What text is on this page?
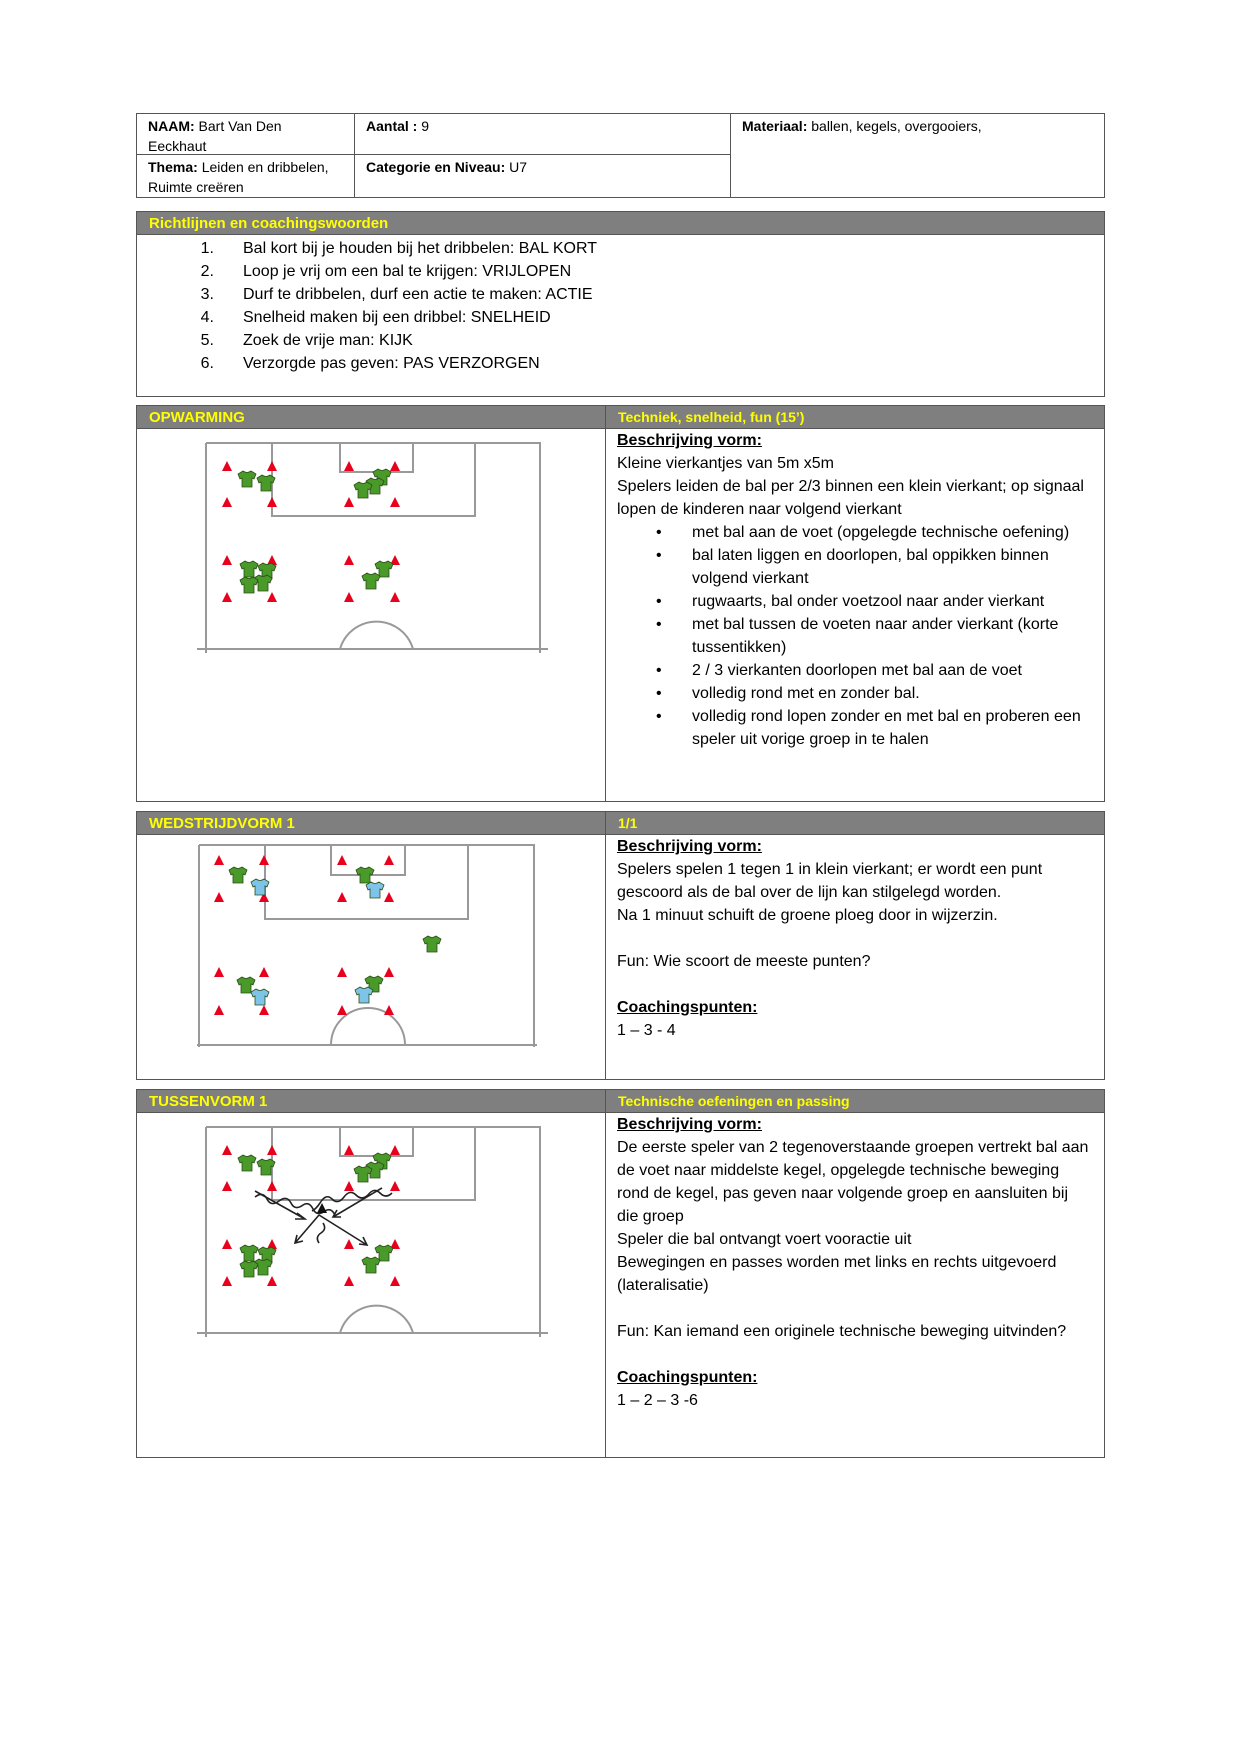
NAAM: Bart Van Den Eeckhaut
Aantal : 9	Materiaal: ballen, kegels, overgooiers,
Thema: Leiden en dribbelen, Ruimte creëren
Categorie en Niveau: U7
Richtlijnen en coachingswoorden
1.	Bal kort bij je houden bij het dribbelen: BAL KORT
2.	Loop je vrij om een bal te krijgen: VRIJLOPEN
3.	Durf te dribbelen, durf een actie te maken: ACTIE
4.	Snelheid maken bij een dribbel: SNELHEID
5.	Zoek de vrije man: KIJK
6.	Verzorgde pas geven: PAS VERZORGEN
OPWARMING	Techniek, snelheid, fun (15’)
Beschrijving vorm:
Kleine vierkantjes van 5m x5m
Spelers leiden de bal per 2/3 binnen een klein vierkant; op signaal lopen de kinderen naar volgend vierkant
• met bal aan de voet (opgelegde technische oefening)
• bal laten liggen en doorlopen, bal oppikken binnen volgend vierkant
• rugwaarts, bal onder voetzool naar ander vierkant
• met bal tussen de voeten naar ander vierkant (korte tussentikken)
• 2 / 3 vierkanten doorlopen met bal aan de voet
• volledig rond met en zonder bal.
• volledig rond lopen zonder en met bal en proberen een speler uit vorige groep in te halen
WEDSTRIJDVORM 1	1/1
Beschrijving vorm:
Spelers spelen 1 tegen 1 in klein vierkant; er wordt een punt gescoord als de bal over de lijn kan stilgelegd worden.
Na 1 minuut schuift de groene ploeg door in wijzerzin.
Fun: Wie scoort de meeste punten?
Coachingspunten:
1 – 3 - 4
TUSSENVORM 1	Technische oefeningen en passing
Beschrijving vorm:
De eerste speler van 2 tegenoverstaande groepen vertrekt bal aan de voet naar middelste kegel, opgelegde technische beweging rond de kegel, pas geven naar volgende groep en aansluiten bij die groep
Speler die bal ontvangt voert vooractie uit
Bewegingen en passes worden met links en rechts uitgevoerd (lateralisatie)
Fun: Kan iemand een originele technische beweging uitvinden?
Coachingspunten:
1 – 2 – 3 -6
